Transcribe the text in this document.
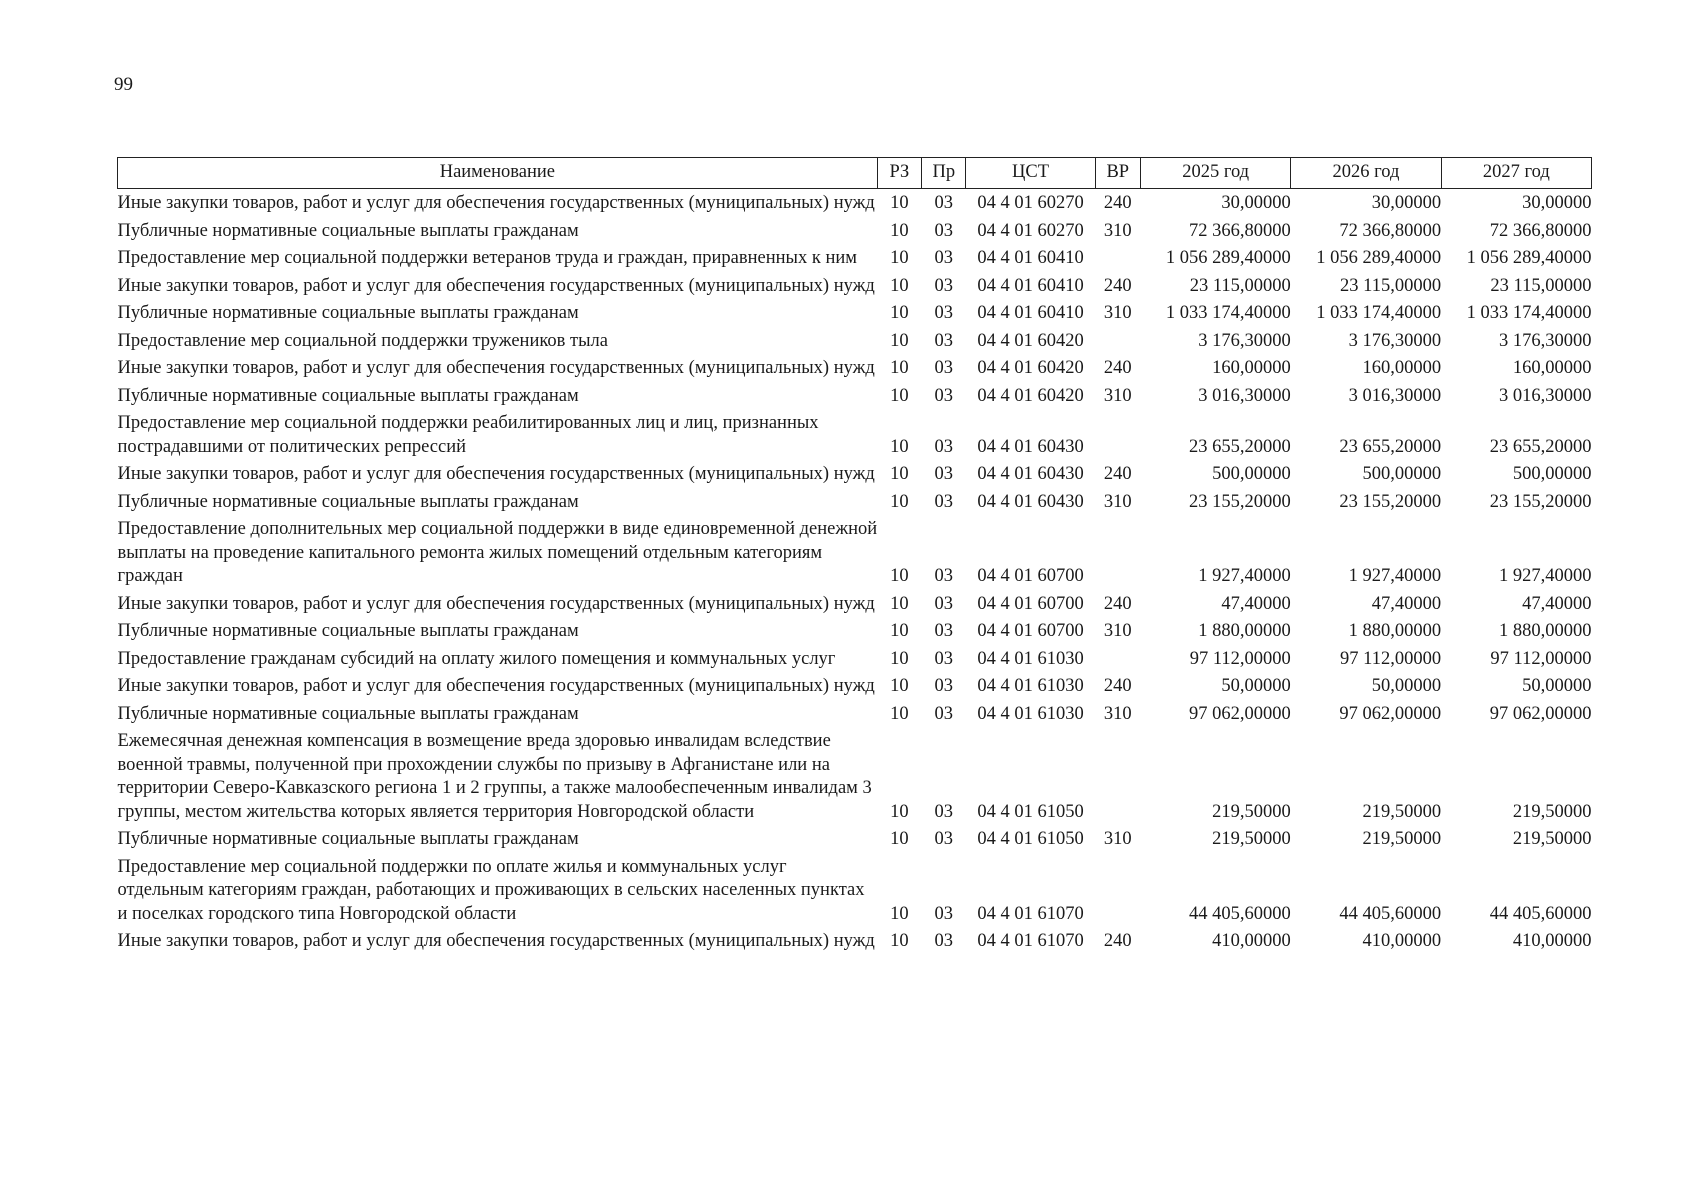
99
Наименование	РЗ	Пр	ЦСТ	ВР	2025 год	2026 год	2027 год
Иные закупки товаров, работ и услуг для обеспечения государственных (муниципальных) нужд	10	03	04 4 01 60270	240	30,00000	30,00000	30,00000
Публичные нормативные социальные выплаты гражданам	10	03	04 4 01 60270	310	72 366,80000	72 366,80000	72 366,80000
Предоставление мер социальной поддержки ветеранов труда и граждан, приравненных к ним	10	03	04 4 01 60410		1 056 289,40000	1 056 289,40000	1 056 289,40000
Иные закупки товаров, работ и услуг для обеспечения государственных (муниципальных) нужд	10	03	04 4 01 60410	240	23 115,00000	23 115,00000	23 115,00000
Публичные нормативные социальные выплаты гражданам	10	03	04 4 01 60410	310	1 033 174,40000	1 033 174,40000	1 033 174,40000
Предоставление мер социальной поддержки тружеников тыла	10	03	04 4 01 60420		3 176,30000	3 176,30000	3 176,30000
Иные закупки товаров, работ и услуг для обеспечения государственных (муниципальных) нужд	10	03	04 4 01 60420	240	160,00000	160,00000	160,00000
Публичные нормативные социальные выплаты гражданам	10	03	04 4 01 60420	310	3 016,30000	3 016,30000	3 016,30000
Предоставление мер социальной поддержки реабилитированных лиц и лиц, признанных пострадавшими от политических репрессий	10	03	04 4 01 60430		23 655,20000	23 655,20000	23 655,20000
Иные закупки товаров, работ и услуг для обеспечения государственных (муниципальных) нужд	10	03	04 4 01 60430	240	500,00000	500,00000	500,00000
Публичные нормативные социальные выплаты гражданам	10	03	04 4 01 60430	310	23 155,20000	23 155,20000	23 155,20000
Предоставление дополнительных мер социальной поддержки в виде единовременной денежной выплаты на проведение капитального ремонта жилых помещений отдельным категориям граждан	10	03	04 4 01 60700		1 927,40000	1 927,40000	1 927,40000
Иные закупки товаров, работ и услуг для обеспечения государственных (муниципальных) нужд	10	03	04 4 01 60700	240	47,40000	47,40000	47,40000
Публичные нормативные социальные выплаты гражданам	10	03	04 4 01 60700	310	1 880,00000	1 880,00000	1 880,00000
Предоставление гражданам субсидий на оплату жилого помещения и коммунальных услуг	10	03	04 4 01 61030		97 112,00000	97 112,00000	97 112,00000
Иные закупки товаров, работ и услуг для обеспечения государственных (муниципальных) нужд	10	03	04 4 01 61030	240	50,00000	50,00000	50,00000
Публичные нормативные социальные выплаты гражданам	10	03	04 4 01 61030	310	97 062,00000	97 062,00000	97 062,00000
Ежемесячная денежная компенсация в возмещение вреда здоровью инвалидам вследствие военной травмы, полученной при прохождении службы по призыву в Афганистане или на территории Северо-Кавказского региона 1 и 2 группы, а также малообеспеченным инвалидам 3 группы, местом жительства которых является территория Новгородской области	10	03	04 4 01 61050		219,50000	219,50000	219,50000
Публичные нормативные социальные выплаты гражданам	10	03	04 4 01 61050	310	219,50000	219,50000	219,50000
Предоставление мер социальной поддержки по оплате жилья и коммунальных услуг отдельным категориям граждан, работающих и проживающих в сельских населенных пунктах и поселках городского типа Новгородской области	10	03	04 4 01 61070		44 405,60000	44 405,60000	44 405,60000
Иные закупки товаров, работ и услуг для обеспечения государственных (муниципальных) нужд	10	03	04 4 01 61070	240	410,00000	410,00000	410,00000
